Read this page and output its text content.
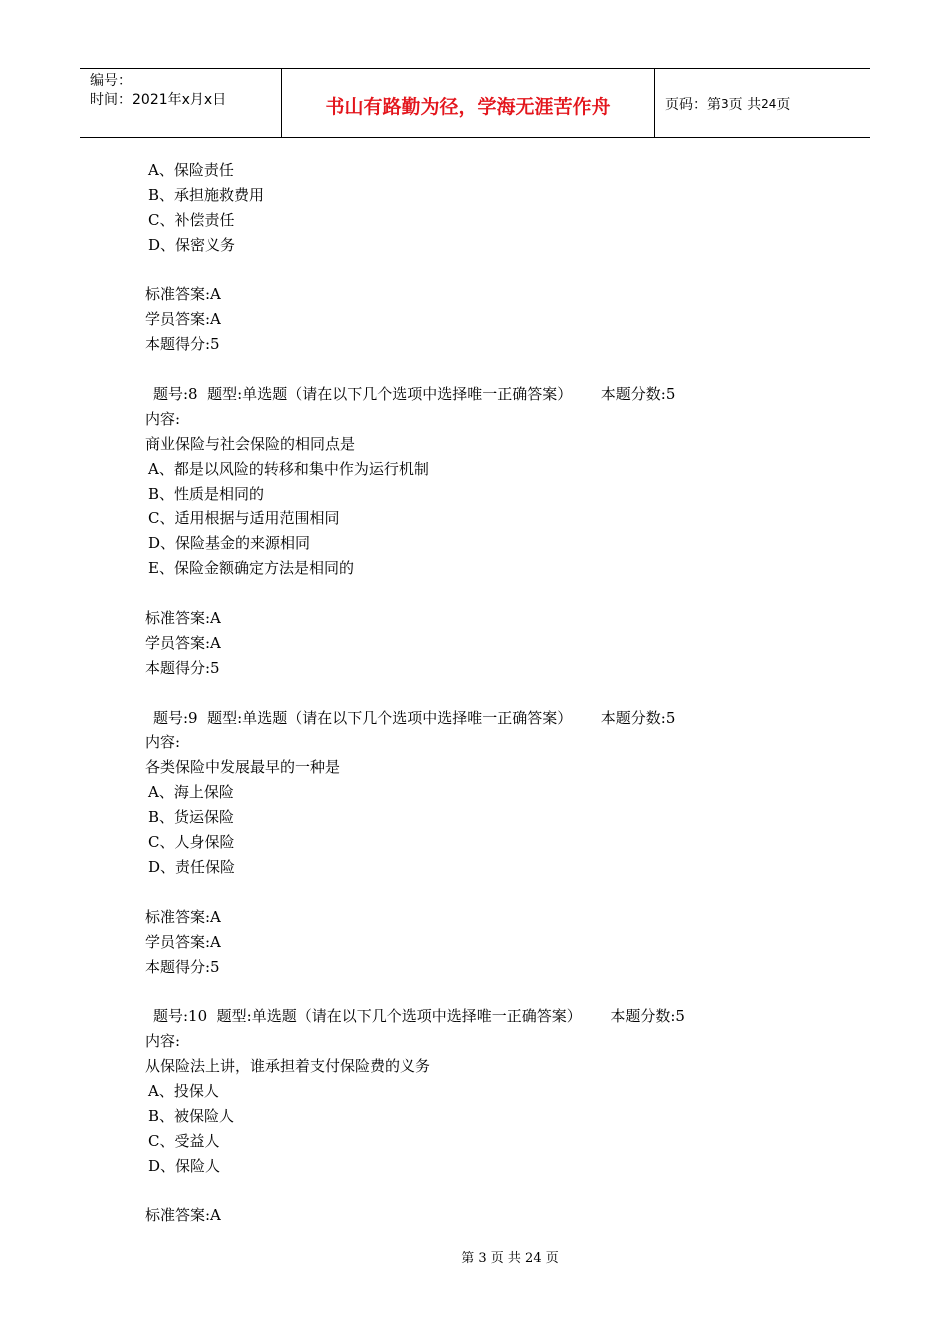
编号：
时间：2021年x月x日	书山有路勤为径，学海无涯苦作舟	页码：第 3 页 共 24 页
A、保险责任
B、承担施救费用
C、补偿责任
D、保密义务
标准答案:A
学员答案:A
本题得分:5
题号:8  题型:单选题（请在以下几个选项中选择唯一正确答案）      本题分数:5
内容:
商业保险与社会保险的相同点是
A、都是以风险的转移和集中作为运行机制
B、性质是相同的
C、适用根据与适用范围相同
D、保险基金的来源相同
E、保险金额确定方法是相同的
标准答案:A
学员答案:A
本题得分:5
题号:9  题型:单选题（请在以下几个选项中选择唯一正确答案）      本题分数:5
内容:
各类保险中发展最早的一种是
A、海上保险
B、货运保险
C、人身保险
D、责任保险
标准答案:A
学员答案:A
本题得分:5
题号:10  题型:单选题（请在以下几个选项中选择唯一正确答案）      本题分数:5
内容:
从保险法上讲，谁承担着支付保险费的义务
A、投保人
B、被保险人
C、受益人
D、保险人
标准答案:A
第 3 页 共 24 页
